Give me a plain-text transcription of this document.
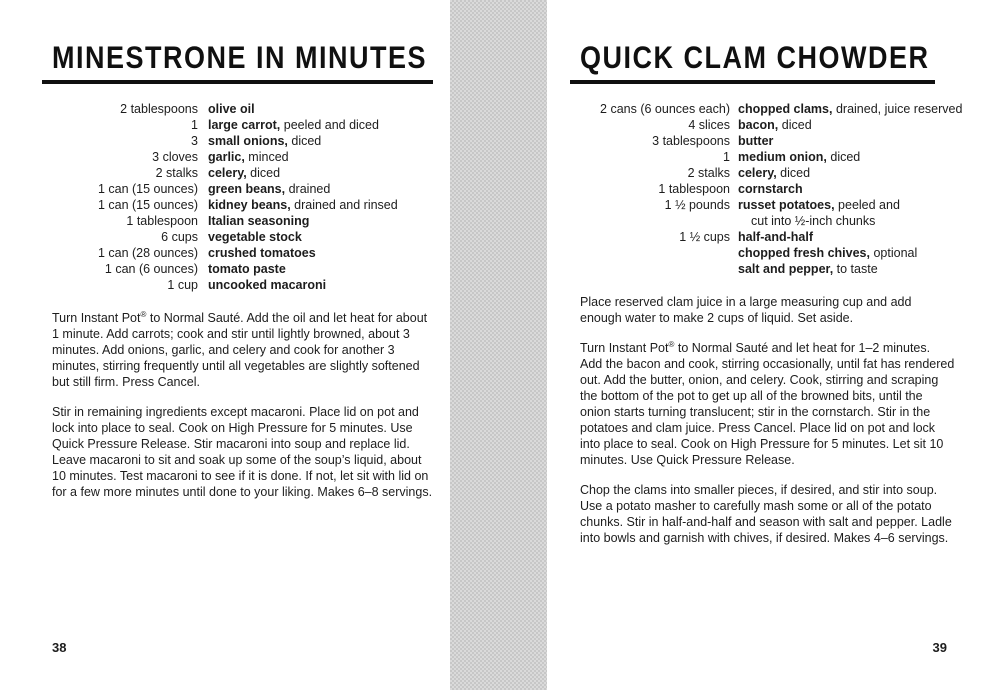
MINESTRONE IN MINUTES
2 tablespoons olive oil
1 large carrot, peeled and diced
3 small onions, diced
3 cloves garlic, minced
2 stalks celery, diced
1 can (15 ounces) green beans, drained
1 can (15 ounces) kidney beans, drained and rinsed
1 tablespoon Italian seasoning
6 cups vegetable stock
1 can (28 ounces) crushed tomatoes
1 can (6 ounces) tomato paste
1 cup uncooked macaroni

Turn Instant Pot® to Normal Sauté. Add the oil and let heat for about 1 minute. Add carrots; cook and stir until lightly browned, about 3 minutes. Add onions, garlic, and celery and cook for another 3 minutes, stirring frequently until all vegetables are slightly softened but still firm. Press Cancel.

Stir in remaining ingredients except macaroni. Place lid on pot and lock into place to seal. Cook on High Pressure for 5 minutes. Use Quick Pressure Release. Stir macaroni into soup and replace lid. Leave macaroni to sit and soak up some of the soup’s liquid, about 10 minutes. Test macaroni to see if it is done. If not, let sit with lid on for a few more minutes until done to your liking. Makes 6–8 servings.

38
QUICK CLAM CHOWDER
2 cans (6 ounces each) chopped clams, drained, juice reserved
4 slices bacon, diced
3 tablespoons butter
1 medium onion, diced
2 stalks celery, diced
1 tablespoon cornstarch
1 ½ pounds russet potatoes, peeled and
cut into ½-inch chunks
1 ½ cups half-and-half
chopped fresh chives, optional
salt and pepper, to taste

Place reserved clam juice in a large measuring cup and add enough water to make 2 cups of liquid. Set aside.

Turn Instant Pot® to Normal Sauté and let heat for 1–2 minutes. Add the bacon and cook, stirring occasionally, until fat has rendered out. Add the butter, onion, and celery. Cook, stirring and scraping the bottom of the pot to get up all of the browned bits, until the onion starts turning translucent; stir in the cornstarch. Stir in the potatoes and clam juice. Press Cancel. Place lid on pot and lock into place to seal. Cook on High Pressure for 5 minutes. Let sit 10 minutes. Use Quick Pressure Release.

Chop the clams into smaller pieces, if desired, and stir into soup. Use a potato masher to carefully mash some or all of the potato chunks. Stir in half-and-half and season with salt and pepper. Ladle into bowls and garnish with chives, if desired. Makes 4–6 servings.

39
